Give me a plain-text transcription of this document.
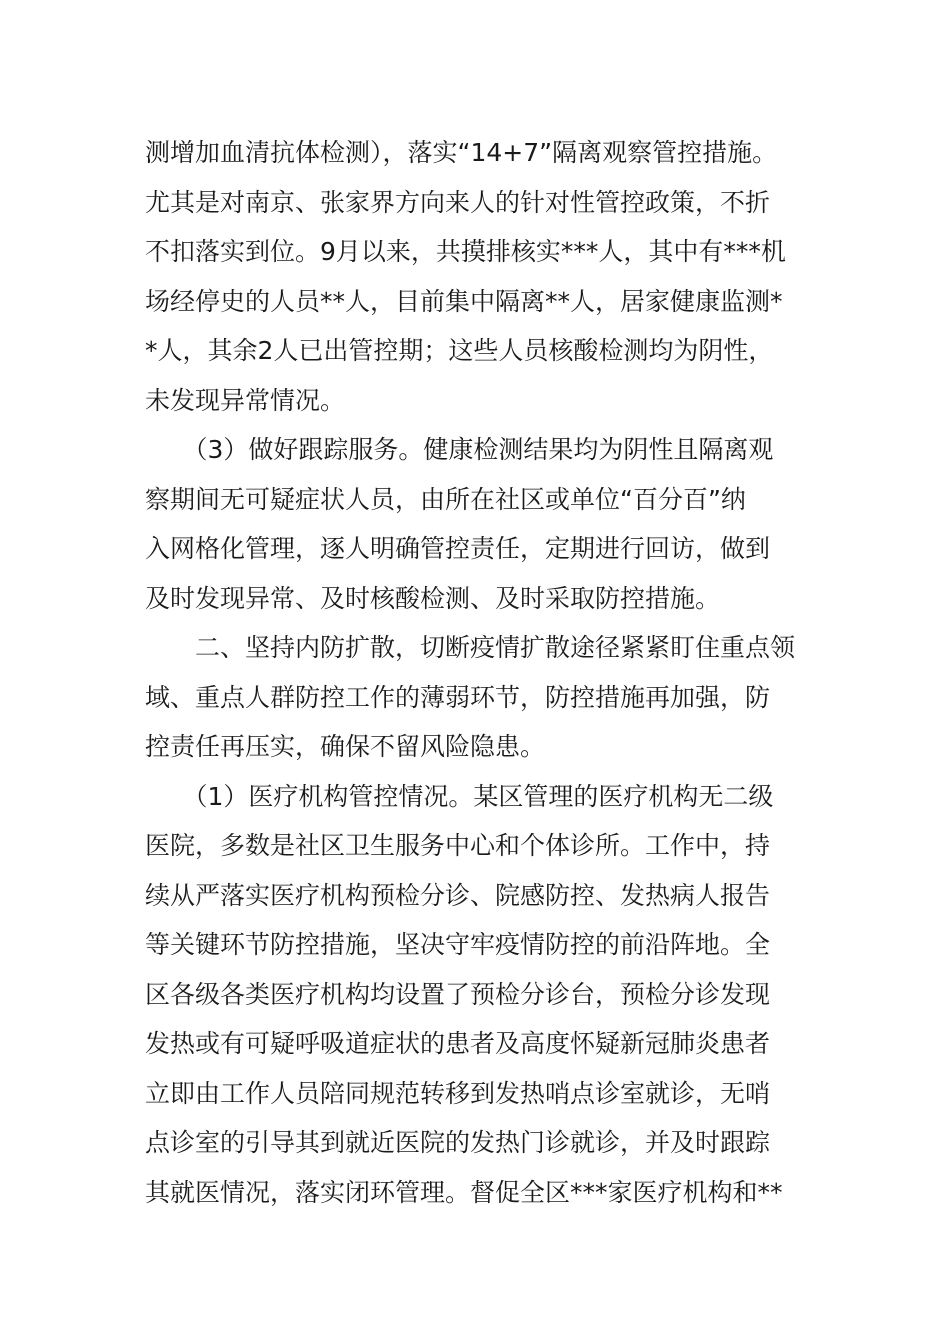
测增加血清抗体检测），落实“14+7”隔离观察管控措施。
尤其是对南京、张家界方向来人的针对性管控政策，不折
不扣落实到位。9月以来，共摸排核实***人，其中有***机
场经停史的人员**人，目前集中隔离**人，居家健康监测*
*人，其余2人已出管控期；这些人员核酸检测均为阴性，
未发现异常情况。
　　（3）做好跟踪服务。健康检测结果均为阴性且隔离观
察期间无可疑症状人员，由所在社区或单位“百分百”纳
入网格化管理，逐人明确管控责任，定期进行回访，做到
及时发现异常、及时核酸检测、及时采取防控措施。
　　二、坚持内防扩散，切断疫情扩散途径紧紧盯住重点领
域、重点人群防控工作的薄弱环节，防控措施再加强，防
控责任再压实，确保不留风险隐患。
　　（1）医疗机构管控情况。某区管理的医疗机构无二级
医院，多数是社区卫生服务中心和个体诊所。工作中，持
续从严落实医疗机构预检分诊、院感防控、发热病人报告
等关键环节防控措施，坚决守牢疫情防控的前沿阵地。全
区各级各类医疗机构均设置了预检分诊台，预检分诊发现
发热或有可疑呼吸道症状的患者及高度怀疑新冠肺炎患者
立即由工作人员陪同规范转移到发热哨点诊室就诊，无哨
点诊室的引导其到就近医院的发热门诊就诊，并及时跟踪
其就医情况，落实闭环管理。督促全区***家医疗机构和**
